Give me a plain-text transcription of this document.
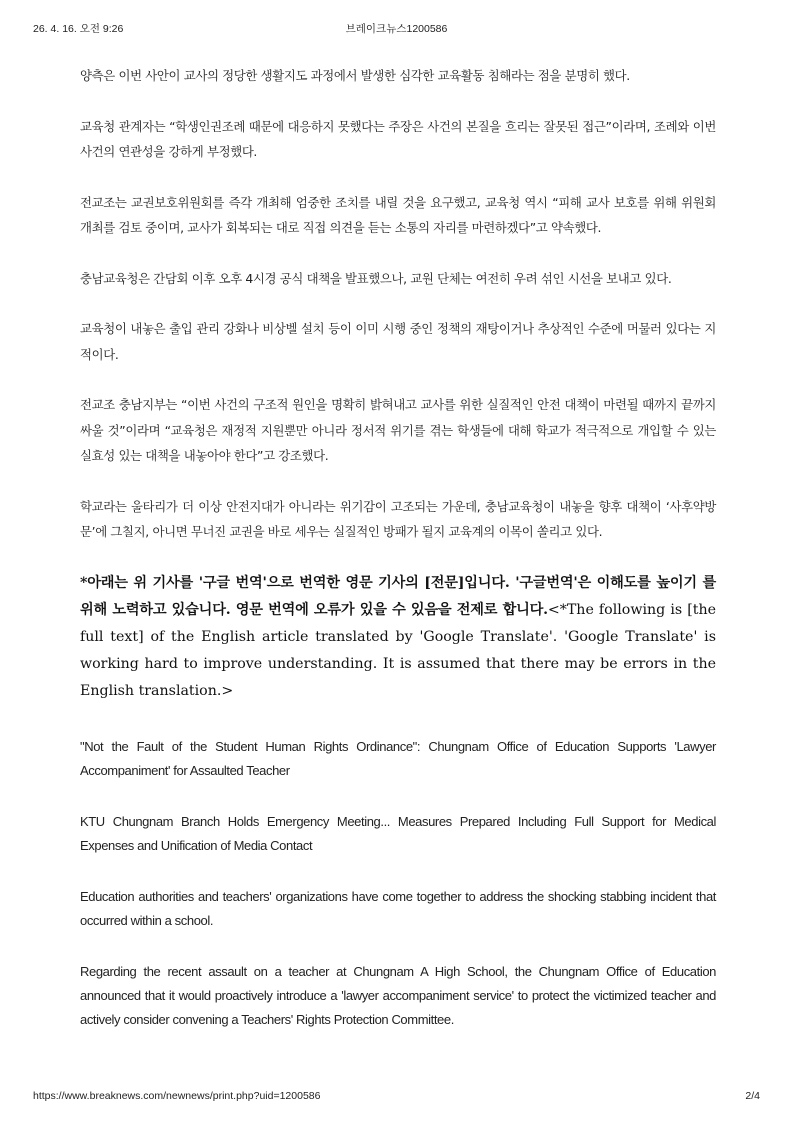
26. 4. 16. 오전 9:26	브레이크뉴스1200586

양측은 이번 사안이 교사의 정당한 생활지도 과정에서 발생한 심각한 교육활동 침해라는 점을 분명히 했다.

교육청 관계자는 “학생인권조례 때문에 대응하지 못했다는 주장은 사건의 본질을 흐리는 잘못된 접근”이라며, 조례와 이번 사건의 연관성을 강하게 부정했다.

전교조는 교권보호위원회를 즉각 개최해 엄중한 조치를 내릴 것을 요구했고, 교육청 역시 “피해 교사 보호를 위해 위원회 개최를 검토 중이며, 교사가 회복되는 대로 직접 의견을 듣는 소통의 자리를 마련하겠다”고 약속했다.

충남교육청은 간담회 이후 오후 4시경 공식 대책을 발표했으나, 교원 단체는 여전히 우려 섞인 시선을 보내고 있다.

교육청이 내놓은 출입 관리 강화나 비상벨 설치 등이 이미 시행 중인 정책의 재탕이거나 추상적인 수준에 머물러 있다는 지적이다.

전교조 충남지부는 “이번 사건의 구조적 원인을 명확히 밝혀내고 교사를 위한 실질적인 안전 대책이 마련될 때까지 끝까지 싸울 것”이라며 “교육청은 재정적 지원뿐만 아니라 정서적 위기를 겪는 학생들에 대해 학교가 적극적으로 개입할 수 있는 실효성 있는 대책을 내놓아야 한다”고 강조했다.

학교라는 울타리가 더 이상 안전지대가 아니라는 위기감이 고조되는 가운데, 충남교육청이 내놓을 향후 대책이 ‘사후약방문’에 그칠지, 아니면 무너진 교권을 바로 세우는 실질적인 방패가 될지 교육계의 이목이 쏠리고 있다.

*아래는 위 기사를 '구글 번역'으로 번역한 영문 기사의 [전문]입니다. '구글번역'은 이해도를 높이기 를 위해 노력하고 있습니다. 영문 번역에 오류가 있을 수 있음을 전제로 합니다.<*The following is [the full text] of the English article translated by 'Google Translate'. 'Google Translate' is working hard to improve understanding. It is assumed that there may be errors in the English translation.>

"Not the Fault of the Student Human Rights Ordinance": Chungnam Office of Education Supports 'Lawyer Accompaniment' for Assaulted Teacher

KTU Chungnam Branch Holds Emergency Meeting... Measures Prepared Including Full Support for Medical Expenses and Unification of Media Contact

Education authorities and teachers' organizations have come together to address the shocking stabbing incident that occurred within a school.

Regarding the recent assault on a teacher at Chungnam A High School, the Chungnam Office of Education announced that it would proactively introduce a 'lawyer accompaniment service' to protect the victimized teacher and actively consider convening a Teachers' Rights Protection Committee.

https://www.breaknews.com/newnews/print.php?uid=1200586	2/4
